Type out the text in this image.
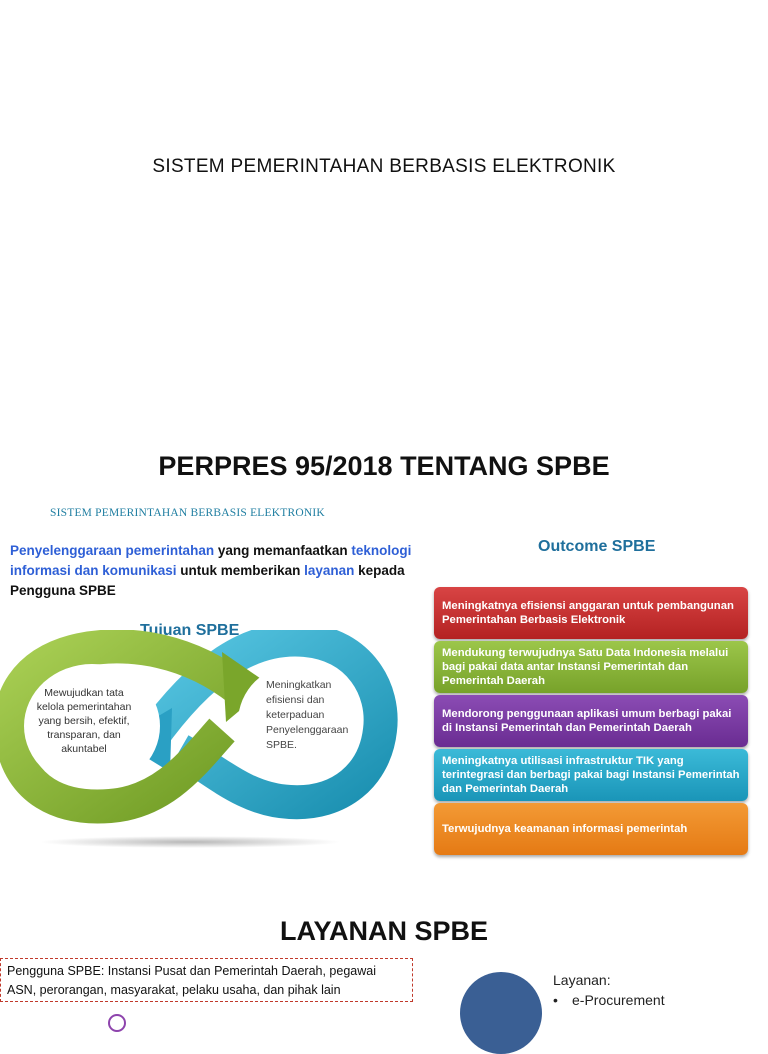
SISTEM PEMERINTAHAN BERBASIS ELEKTRONIK
PERPRES 95/2018 TENTANG SPBE
SISTEM PEMERINTAHAN BERBASIS ELEKTRONIK
Penyelenggaraan pemerintahan yang memanfaatkan teknologi informasi dan komunikasi untuk memberikan layanan kepada Pengguna SPBE
Tujuan SPBE
Mewujudkan tata
kelola pemerintahan
yang bersih, efektif,
transparan, dan
akuntabel
Meningkatkan
efisiensi dan
keterpaduan
Penyelenggaraan
SPBE.
Outcome SPBE
Meningkatnya efisiensi anggaran untuk pembangunan Pemerintahan Berbasis Elektronik
Mendukung terwujudnya Satu Data Indonesia melalui bagi pakai data antar Instansi Pemerintah dan Pemerintah Daerah
Mendorong penggunaan aplikasi umum berbagi pakai di Instansi Pemerintah dan Pemerintah Daerah
Meningkatnya utilisasi infrastruktur TIK yang terintegrasi dan berbagi pakai bagi Instansi Pemerintah dan Pemerintah Daerah
Terwujudnya keamanan informasi pemerintah
LAYANAN SPBE
Pengguna SPBE: Instansi Pusat dan Pemerintah Daerah, pegawai ASN, perorangan, masyarakat, pelaku usaha, dan pihak lain
Layanan:
• e-Procurement
